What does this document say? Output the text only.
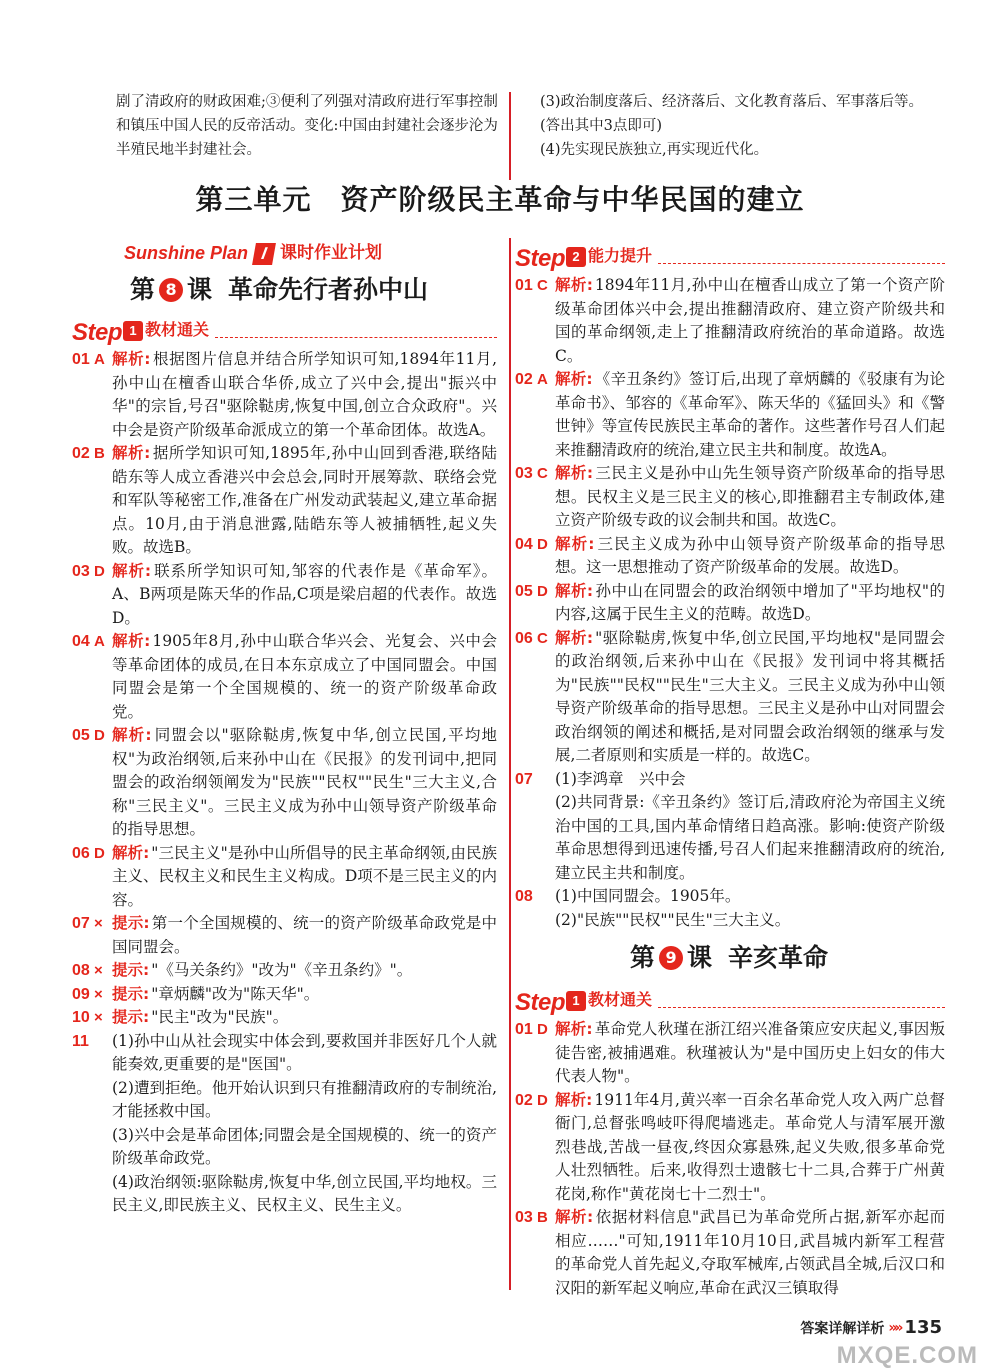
剧了清政府的财政困难;③便利了列强对清政府进行军事控制和镇压中国人民的反帝活动。变化:中国由封建社会逐步沦为半殖民地半封建社会。
(3)政治制度落后、经济落后、文化教育落后、军事落后等。(答出其中3点即可)
(4)先实现民族独立,再实现近代化。
第三单元　资产阶级民主革命与中华民国的建立
Sunshine Plan I 课时作业计划
第 8 课 革命先行者孙中山
Step 1 教材通关
01 A 解析: 根据图片信息并结合所学知识可知,1894年11月,孙中山在檀香山联合华侨,成立了兴中会,提出"振兴中华"的宗旨,号召"驱除鞑虏,恢复中国,创立合众政府"。兴中会是资产阶级革命派成立的第一个革命团体。故选A。
02 B 解析: 据所学知识可知,1895年,孙中山回到香港,联络陆皓东等人成立香港兴中会总会,同时开展筹款、联络会党和军队等秘密工作,准备在广州发动武装起义,建立革命据点。10月,由于消息泄露,陆皓东等人被捕牺牲,起义失败。故选B。
03 D 解析: 联系所学知识可知,邹容的代表作是《革命军》。A、B两项是陈天华的作品,C项是梁启超的代表作。故选D。
04 A 解析: 1905年8月,孙中山联合华兴会、光复会、兴中会等革命团体的成员,在日本东京成立了中国同盟会。中国同盟会是第一个全国规模的、统一的资产阶级革命政党。
05 D 解析: 同盟会以"驱除鞑虏,恢复中华,创立民国,平均地权"为政治纲领,后来孙中山在《民报》的发刊词中,把同盟会的政治纲领阐发为"民族""民权""民生"三大主义,合称"三民主义"。三民主义成为孙中山领导资产阶级革命的指导思想。
06 D 解析: "三民主义"是孙中山所倡导的民主革命纲领,由民族主义、民权主义和民生主义构成。D项不是三民主义的内容。
07 × 提示: 第一个全国规模的、统一的资产阶级革命政党是中国同盟会。
08 × 提示: "《马关条约》"改为"《辛丑条约》"。
09 × 提示: "章炳麟"改为"陈天华"。
10 × 提示: "民主"改为"民族"。
11	(1)孙中山从社会现实中体会到,要救国并非医好几个人就能奏效,更重要的是"医国"。
(2)遭到拒绝。他开始认识到只有推翻清政府的专制统治,才能拯救中国。
(3)兴中会是革命团体;同盟会是全国规模的、统一的资产阶级革命政党。
(4)政治纲领:驱除鞑虏,恢复中华,创立民国,平均地权。三民主义,即民族主义、民权主义、民生主义。
Step 2 能力提升
01 C 解析: 1894年11月,孙中山在檀香山成立了第一个资产阶级革命团体兴中会,提出推翻清政府、建立资产阶级共和国的革命纲领,走上了推翻清政府统治的革命道路。故选C。
02 A 解析: 《辛丑条约》签订后,出现了章炳麟的《驳康有为论革命书》、邹容的《革命军》、陈天华的《猛回头》和《警世钟》等宣传民族民主革命的著作。这些著作号召人们起来推翻清政府的统治,建立民主共和制度。故选A。
03 C 解析: 三民主义是孙中山先生领导资产阶级革命的指导思想。民权主义是三民主义的核心,即推翻君主专制政体,建立资产阶级专政的议会制共和国。故选C。
04 D 解析: 三民主义成为孙中山领导资产阶级革命的指导思想。这一思想推动了资产阶级革命的发展。故选D。
05 D 解析: 孙中山在同盟会的政治纲领中增加了"平均地权"的内容,这属于民生主义的范畴。故选D。
06 C 解析: "驱除鞑虏,恢复中华,创立民国,平均地权"是同盟会的政治纲领,后来孙中山在《民报》发刊词中将其概括为"民族""民权""民生"三大主义。三民主义成为孙中山领导资产阶级革命的指导思想。三民主义是孙中山对同盟会政治纲领的阐述和概括,是对同盟会政治纲领的继承与发展,二者原则和实质是一样的。故选C。
07 (1)李鸿章　兴中会
(2)共同背景:《辛丑条约》签订后,清政府沦为帝国主义统治中国的工具,国内革命情绪日趋高涨。影响:使资产阶级革命思想得到迅速传播,号召人们起来推翻清政府的统治,建立民主共和制度。
08 (1)中国同盟会。1905年。
(2)"民族""民权""民生"三大主义。
第 9 课 辛亥革命
Step 1 教材通关
01 D 解析: 革命党人秋瑾在浙江绍兴准备策应安庆起义,事因叛徒告密,被捕遇难。秋瑾被认为"是中国历史上妇女的伟大代表人物"。
02 D 解析: 1911年4月,黄兴率一百余名革命党人攻入两广总督衙门,总督张鸣岐吓得爬墙逃走。革命党人与清军展开激烈巷战,苦战一昼夜,终因众寡悬殊,起义失败,很多革命党人壮烈牺牲。后来,收得烈士遗骸七十二具,合葬于广州黄花岗,称作"黄花岗七十二烈士"。
03 B 解析: 依据材料信息"武昌已为革命党所占据,新军亦起而相应……"可知,1911年10月10日,武昌城内新军工程营的革命党人首先起义,夺取军械库,占领武昌全城,后汉口和汉阳的新军起义响应,革命在武汉三镇取得
答案详解详析 »» 135
MXQE.COM
